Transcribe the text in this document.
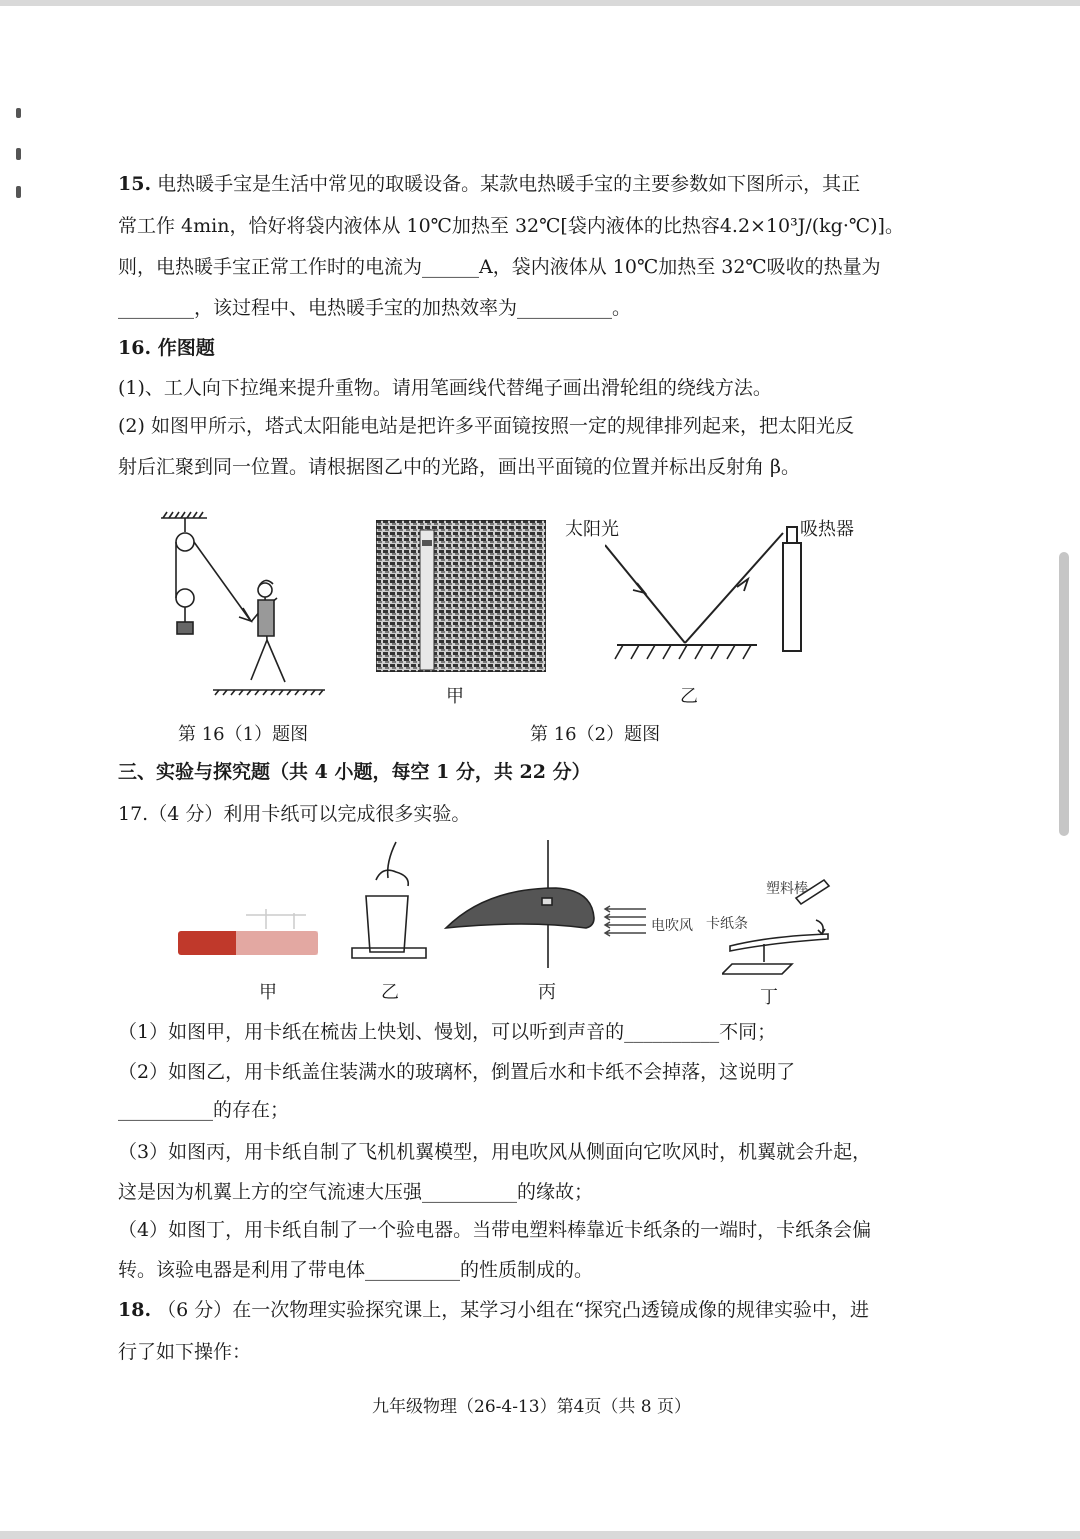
15. 电热暖手宝是生活中常见的取暖设备。某款电热暖手宝的主要参数如下图所示，其正
常工作 4min，恰好将袋内液体从 10℃加热至 32℃[袋内液体的比热容4.2×10³J/(kg·℃)]。
则，电热暖手宝正常工作时的电流为______A，袋内液体从 10℃加热至 32℃吸收的热量为
________，该过程中、电热暖手宝的加热效率为__________。
16. 作图题
(1)、工人向下拉绳来提升重物。请用笔画线代替绳子画出滑轮组的绕线方法。
(2) 如图甲所示，塔式太阳能电站是把许多平面镜按照一定的规律排列起来，把太阳光反
射后汇聚到同一位置。请根据图乙中的光路，画出平面镜的位置并标出反射角 β。
甲
太阳光	吸热器
乙
第 16（1）题图	第 16（2）题图
三、实验与探究题（共 4 小题，每空 1 分，共 22 分）
17.（4 分）利用卡纸可以完成很多实验。
甲	乙
电吹风
丙
塑料棒
卡纸条
丁
（1）如图甲，用卡纸在梳齿上快划、慢划，可以听到声音的__________不同；
（2）如图乙，用卡纸盖住装满水的玻璃杯，倒置后水和卡纸不会掉落，这说明了
__________的存在；
（3）如图丙，用卡纸自制了飞机机翼模型，用电吹风从侧面向它吹风时，机翼就会升起，
这是因为机翼上方的空气流速大压强__________的缘故；
（4）如图丁，用卡纸自制了一个验电器。当带电塑料棒靠近卡纸条的一端时，卡纸条会偏
转。该验电器是利用了带电体__________的性质制成的。
18. （6 分）在一次物理实验探究课上，某学习小组在“探究凸透镜成像的规律实验中，进
行了如下操作：
九年级物理（26-4-13）第4页（共 8 页）
